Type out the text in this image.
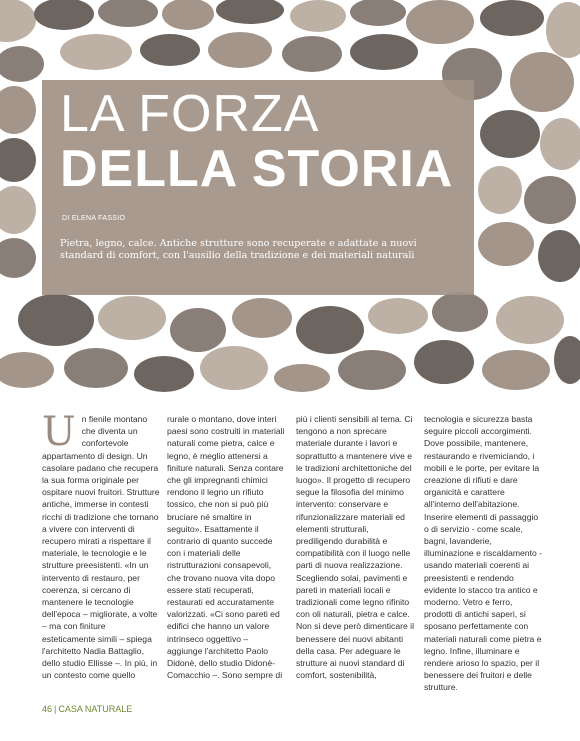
LA FORZA
DELLA STORIA
DI ELENA FASSIO
Pietra, legno, calce. Antiche strutture sono recuperate e adattate a nuovi standard di comfort, con l'ausilio della tradizione e dei materiali naturali
Un fienile montano che diventa un confortevole appartamento di design. Un casolare padano che recupera la sua forma originale per ospitare nuovi fruitori. Strutture antiche, immerse in contesti ricchi di tradizione che tornano a vivere con interventi di recupero mirati a rispettare il materiale, le tecnologie e le strutture preesistenti. «In un intervento di restauro, per coerenza, si cercano di mantenere le tecnologie dell'epoca – migliorate, a volte – ma con finiture esteticamente simili – spiega l'architetto Nadia Battaglio, dello studio Ellisse –. In più, in un contesto come quello
rurale o montano, dove interi paesi sono costruiti in materiali naturali come pietra, calce e legno, è meglio attenersi a finiture naturali. Senza contare che gli impregnanti chimici rendono il legno un rifiuto tossico, che non si può più bruciare né smaltire in seguito». Esattamente il contrario di quanto succede con i materiali delle ristrutturazioni consapevoli, che trovano nuova vita dopo essere stati recuperati, restaurati ed accuratamente valorizzati. «Ci sono pareti ed edifici che hanno un valore intrinseco oggettivo – aggiunge l'architetto Paolo Didonè, dello studio Didonè-Comacchio –. Sono sempre di
più i clienti sensibili al tema. Ci tengono a non sprecare materiale durante i lavori e soprattutto a mantenere vive e le tradizioni architettoniche del luogo». Il progetto di recupero segue la filosofia del minimo intervento: conservare e rifunzionalizzare materiali ed elementi strutturali, prediligendo durabilità e compatibilità con il luogo nelle parti di nuova realizzazione. Scegliendo solai, pavimenti e pareti in materiali locali e tradizionali come legno rifinito con oli naturali, pietra e calce. Non si deve però dimenticare il benessere dei nuovi abitanti della casa. Per adeguare le strutture ai nuovi standard di comfort, sostenibilità,
tecnologia e sicurezza basta seguire piccoli accorgimenti. Dove possibile, mantenere, restaurando e rivemiciando, i mobili e le porte, per evitare la creazione di rifiuti e dare organicità e carattere all'interno dell'abitazione. Inserire elementi di passaggio o di servizio - come scale, bagni, lavanderie, illuminazione e riscaldamento - usando materiali coerenti ai preesistenti e rendendo evidente lo stacco tra antico e moderno. Vetro e ferro, prodotti di antichi saperi, si sposano perfettamente con materiali naturali come pietra e legno. Infine, illuminare e rendere arioso lo spazio, per il benessere dei fruitori e delle strutture.
46 | CASA NATURALE
